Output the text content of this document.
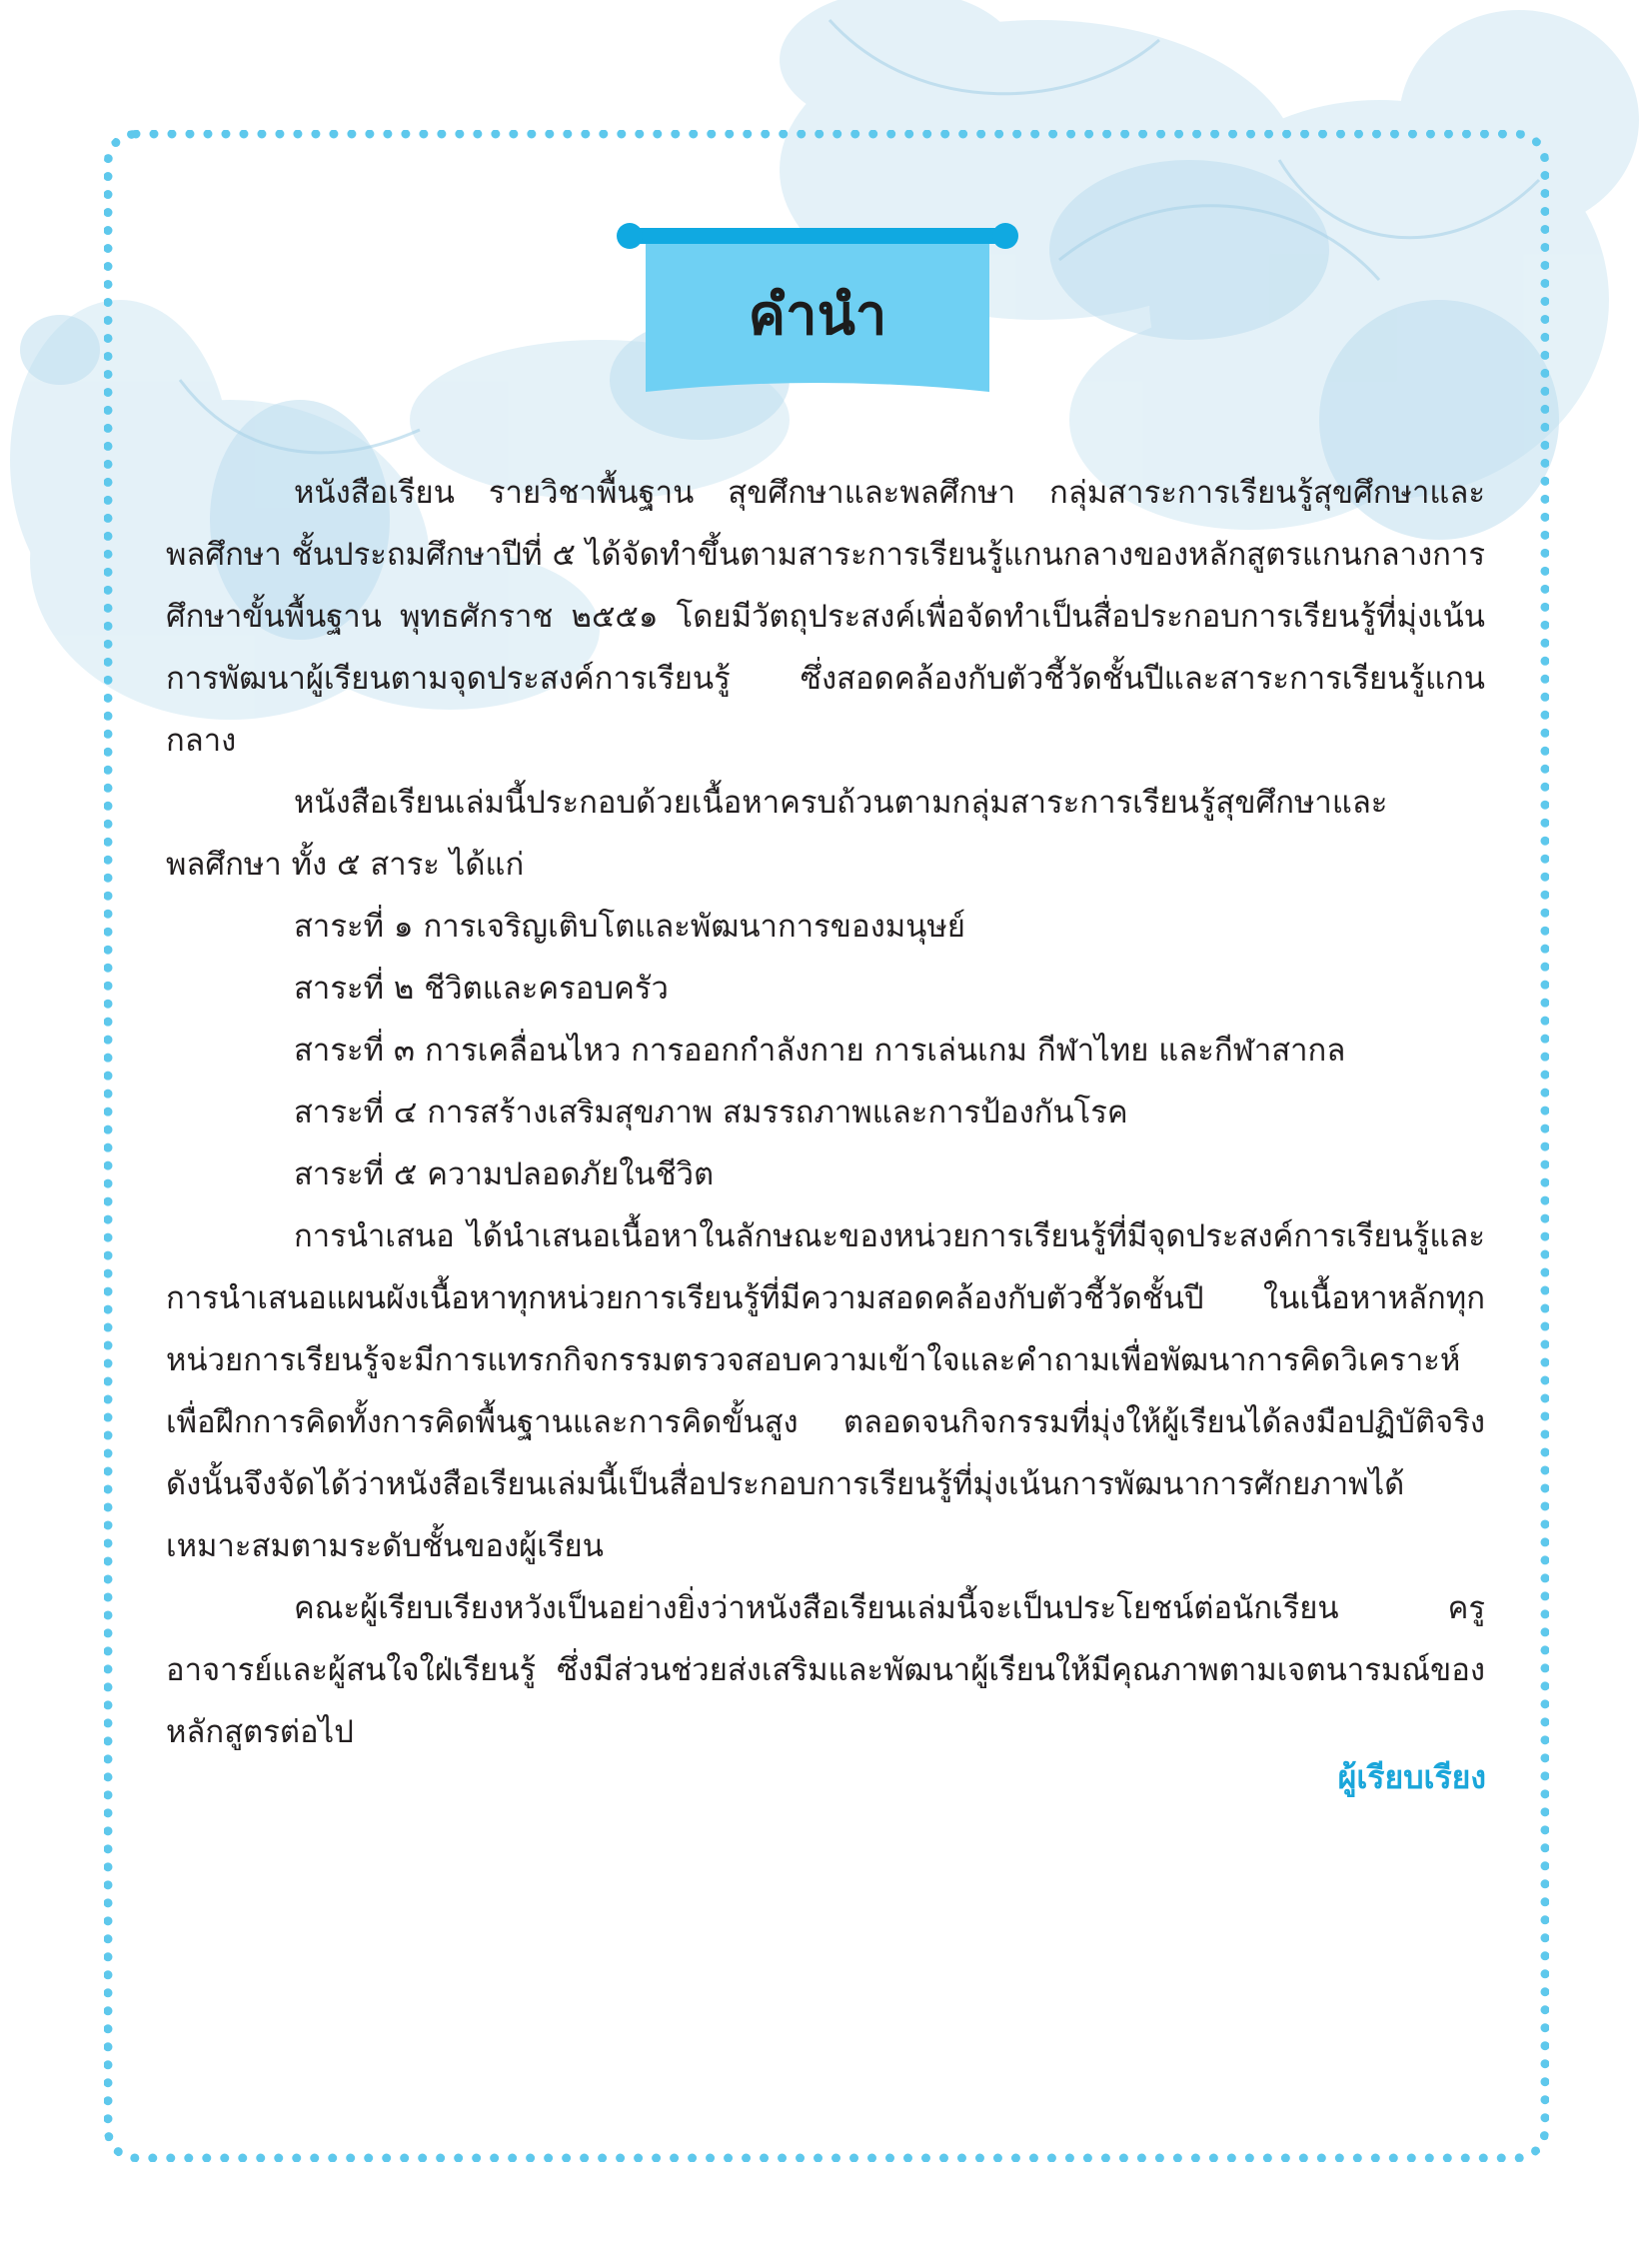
คำนำ

หนังสือเรียน รายวิชาพื้นฐาน สุขศึกษาและพลศึกษา กลุ่มสาระการเรียนรู้สุขศึกษาและพลศึกษา ชั้นประถมศึกษาปีที่ ๕ ได้จัดทำขึ้นตามสาระการเรียนรู้แกนกลางของหลักสูตรแกนกลางการศึกษาขั้นพื้นฐาน พุทธศักราช ๒๕๕๑ โดยมีวัตถุประสงค์เพื่อจัดทำเป็นสื่อประกอบการเรียนรู้ที่มุ่งเน้นการพัฒนาผู้เรียนตามจุดประสงค์การเรียนรู้ ซึ่งสอดคล้องกับตัวชี้วัดชั้นปีและสาระการเรียนรู้แกนกลาง

หนังสือเรียนเล่มนี้ประกอบด้วยเนื้อหาครบถ้วนตามกลุ่มสาระการเรียนรู้สุขศึกษาและพลศึกษา ทั้ง ๕ สาระ ได้แก่

สาระที่ ๑ การเจริญเติบโตและพัฒนาการของมนุษย์

สาระที่ ๒ ชีวิตและครอบครัว

สาระที่ ๓ การเคลื่อนไหว การออกกำลังกาย การเล่นเกม กีฬาไทย และกีฬาสากล

สาระที่ ๔ การสร้างเสริมสุขภาพ สมรรถภาพและการป้องกันโรค

สาระที่ ๕ ความปลอดภัยในชีวิต

การนำเสนอ ได้นำเสนอเนื้อหาในลักษณะของหน่วยการเรียนรู้ที่มีจุดประสงค์การเรียนรู้และการนำเสนอแผนผังเนื้อหาทุกหน่วยการเรียนรู้ที่มีความสอดคล้องกับตัวชี้วัดชั้นปี ในเนื้อหาหลักทุกหน่วยการเรียนรู้จะมีการแทรกกิจกรรมตรวจสอบความเข้าใจและคำถามเพื่อพัฒนาการคิดวิเคราะห์เพื่อฝึกการคิดทั้งการคิดพื้นฐานและการคิดขั้นสูง ตลอดจนกิจกรรมที่มุ่งให้ผู้เรียนได้ลงมือปฏิบัติจริง ดังนั้นจึงจัดได้ว่าหนังสือเรียนเล่มนี้เป็นสื่อประกอบการเรียนรู้ที่มุ่งเน้นการพัฒนาการศักยภาพได้เหมาะสมตามระดับชั้นของผู้เรียน

คณะผู้เรียบเรียงหวังเป็นอย่างยิ่งว่าหนังสือเรียนเล่มนี้จะเป็นประโยชน์ต่อนักเรียน ครู อาจารย์และผู้สนใจใฝ่เรียนรู้ ซึ่งมีส่วนช่วยส่งเสริมและพัฒนาผู้เรียนให้มีคุณภาพตามเจตนารมณ์ของหลักสูตรต่อไป

ผู้เรียบเรียง
